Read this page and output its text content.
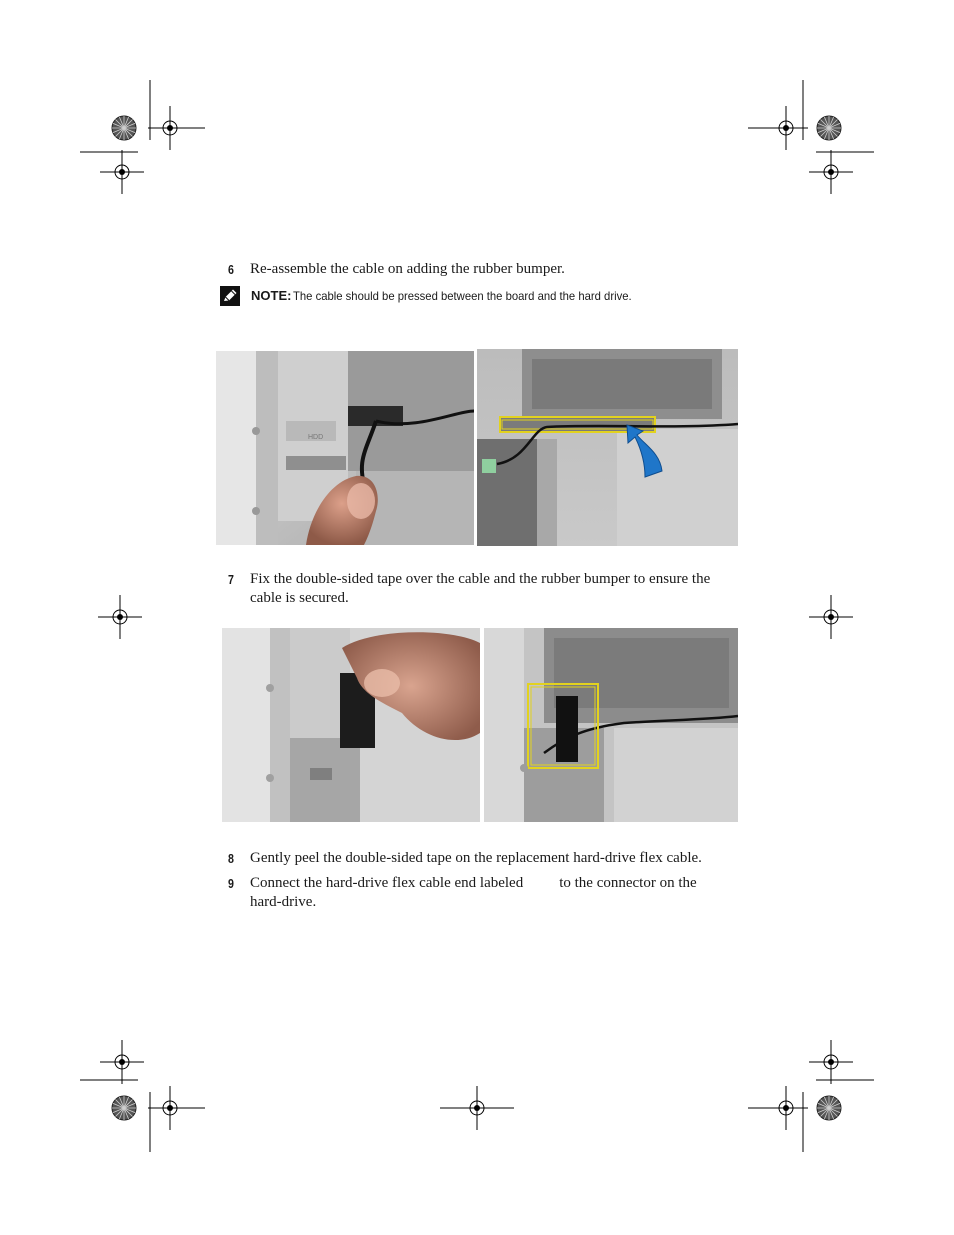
6 Re-assemble the cable on adding the rubber bumper.
NOTE: The cable should be pressed between the board and the hard drive.
HDD
7 Fix the double-sided tape over the cable and the rubber bumper to ensure the cable is secured.
8 Gently peel the double-sided tape on the replacement hard-drive flex cable.
9 Connect the hard-drive flex cable end labeled to the connector on the hard-drive.
